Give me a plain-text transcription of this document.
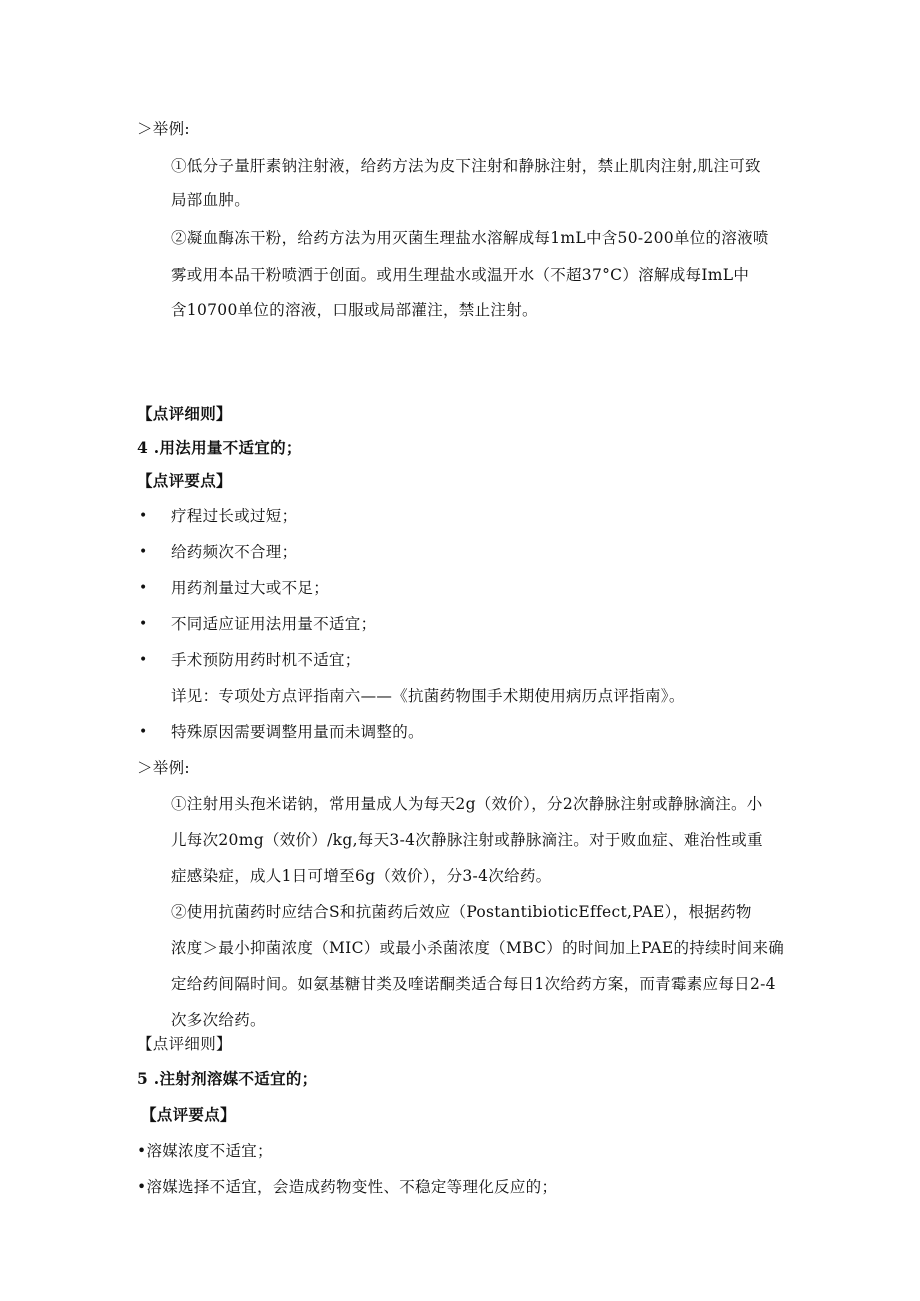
＞举例:
①低分子量肝素钠注射液，给药方法为皮下注射和静脉注射，禁止肌肉注射,肌注可致
局部血肿。
②凝血酶冻干粉，给药方法为用灭菌生理盐水溶解成每1mL中含50-200单位的溶液喷
雾或用本品干粉喷洒于创面。或用生理盐水或温开水（不超37°C）溶解成每ImL中
含10700单位的溶液，口服或局部灌注，禁止注射。
【点评细则】
4 .用法用量不适宜的；
【点评要点】
• 疗程过长或过短；
• 给药频次不合理；
• 用药剂量过大或不足；
• 不同适应证用法用量不适宜；
• 手术预防用药时机不适宜；
详见：专项处方点评指南六——《抗菌药物围手术期使用病历点评指南》。
• 特殊原因需要调整用量而未调整的。
＞举例:
①注射用头孢米诺钠，常用量成人为每天2g（效价），分2次静脉注射或静脉滴注。小
儿每次20mg（效价）/kg,每天3-4次静脉注射或静脉滴注。对于败血症、难治性或重
症感染症，成人1日可增至6g（效价），分3-4次给药。
②使用抗菌药时应结合S和抗菌药后效应（PostantibioticEffect,PAE），根据药物
浓度＞最小抑菌浓度（MIC）或最小杀菌浓度（MBC）的时间加上PAE的持续时间来确
定给药间隔时间。如氨基糖甘类及喹诺酮类适合每日1次给药方案，而青霉素应每日2-4
次多次给药。
【点评细则】
5 .注射剂溶媒不适宜的；
【点评要点】
•溶媒浓度不适宜；
•溶媒选择不适宜，会造成药物变性、不稳定等理化反应的；
